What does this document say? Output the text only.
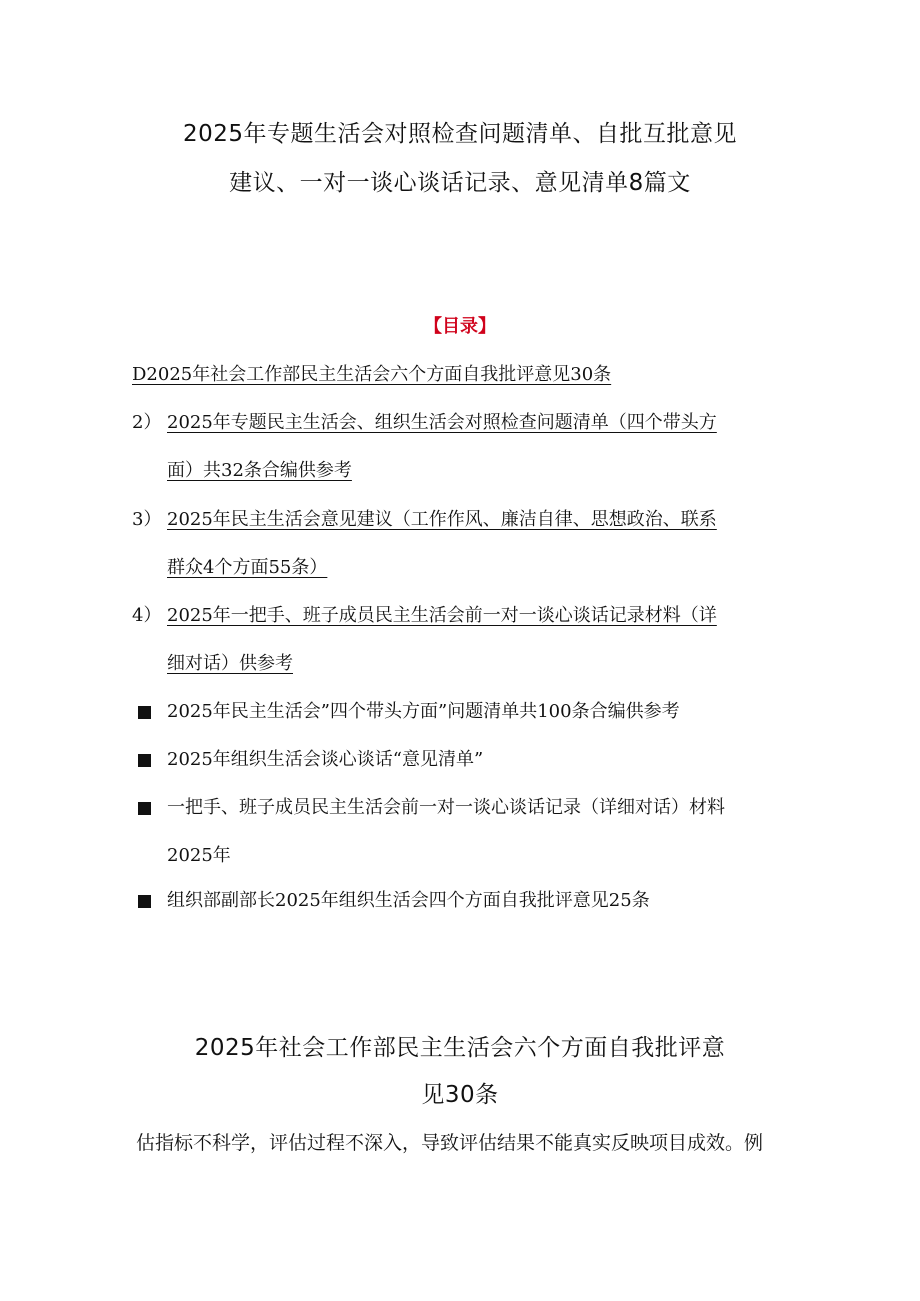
2025年专题生活会对照检查问题清单、自批互批意见
建议、一对一谈心谈话记录、意见清单8篇文
【目录】
D2025年社会工作部民主生活会六个方面自我批评意见30条
2） 2025年专题民主生活会、组织生活会对照检查问题清单（四个带头方
面）共32条合编供参考
3） 2025年民主生活会意见建议（工作作风、廉洁自律、思想政治、联系
群众4个方面55条）
4） 2025年一把手、班子成员民主生活会前一对一谈心谈话记录材料（详
细对话）供参考
2025年民主生活会”四个带头方面”问题清单共100条合编供参考
2025年组织生活会谈心谈话“意见清单”
一把手、班子成员民主生活会前一对一谈心谈话记录（详细对话）材料
2025年
组织部副部长2025年组织生活会四个方面自我批评意见25条
2025年社会工作部民主生活会六个方面自我批评意
见30条
估指标不科学，评估过程不深入，导致评估结果不能真实反映项目成效。例
